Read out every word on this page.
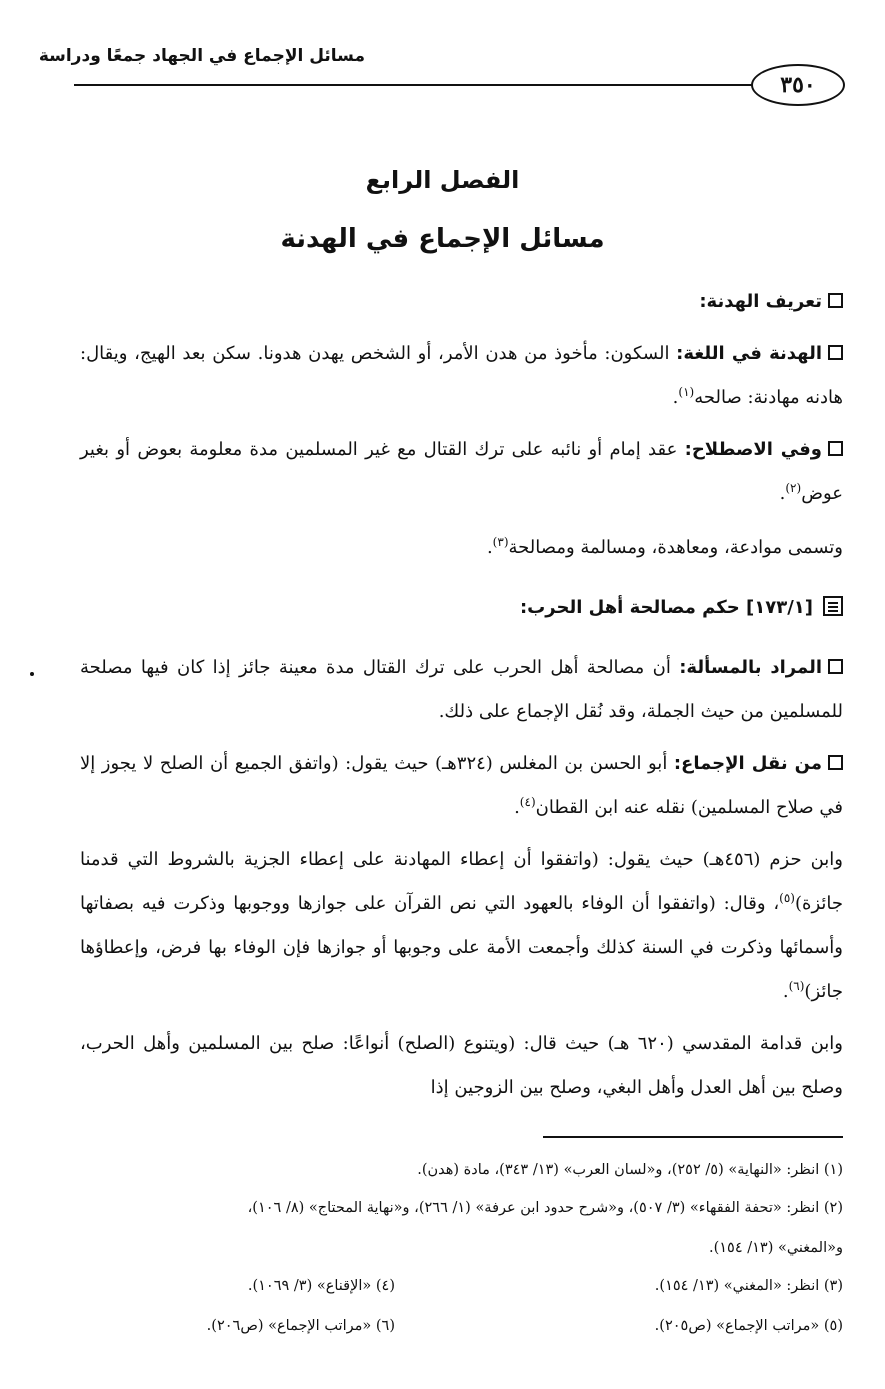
مسائل الإجماع في الجهاد جمعًا ودراسة
٣٥٠
الفصل الرابع
مسائل الإجماع في الهدنة
تعريف الهدنة:
الهدنة في اللغة: السكون: مأخوذ من هدن الأمر، أو الشخص يهدن هدونا. سكن بعد الهيج، ويقال: هادنه مهادنة: صالحه$^{(١)}$.
وفي الاصطلاح: عقد إمام أو نائبه على ترك القتال مع غير المسلمين مدة معلومة بعوض أو بغير عوض$^{(٢)}$.
وتسمى موادعة، ومعاهدة، ومسالمة ومصالحة$^{(٣)}$.
[١٧٣/١] حكم مصالحة أهل الحرب:
المراد بالمسألة: أن مصالحة أهل الحرب على ترك القتال مدة معينة جائز إذا كان فيها مصلحة للمسلمين من حيث الجملة، وقد نُقل الإجماع على ذلك.
من نقل الإجماع: أبو الحسن بن المغلس (٣٢٤هـ) حيث يقول: (واتفق الجميع أن الصلح لا يجوز إلا في صلاح المسلمين) نقله عنه ابن القطان$^{(٤)}$.
وابن حزم (٤٥٦هـ) حيث يقول: (واتفقوا أن إعطاء المهادنة على إعطاء الجزية بالشروط التي قدمنا جائزة)$^{(٥)}$، وقال: (واتفقوا أن الوفاء بالعهود التي نص القرآن على جوازها ووجوبها وذكرت فيه بصفاتها وأسمائها وذكرت في السنة كذلك وأجمعت الأمة على وجوبها أو جوازها فإن الوفاء بها فرض، وإعطاؤها جائز)$^{(٦)}$.
وابن قدامة المقدسي (٦٢٠ هـ) حيث قال: (ويتنوع (الصلح) أنواعًا: صلح بين المسلمين وأهل الحرب، وصلح بين أهل العدل وأهل البغي، وصلح بين الزوجين إذا
(١) انظر: «النهاية» (٥/ ٢٥٢)، و«لسان العرب» (١٣/ ٣٤٣)، مادة (هدن).
(٢) انظر: «تحفة الفقهاء» (٣/ ٥٠٧)، و«شرح حدود ابن عرفة» (١/ ٢٦٦)، و«نهاية المحتاج» (٨/ ١٠٦)،
و«المغني» (١٣/ ١٥٤).
(٣) انظر: «المغني» (١٣/ ١٥٤).
(٤) «الإقناع» (٣/ ١٠٦٩).
(٥) «مراتب الإجماع» (ص٢٠٥).
(٦) «مراتب الإجماع» (ص٢٠٦).
